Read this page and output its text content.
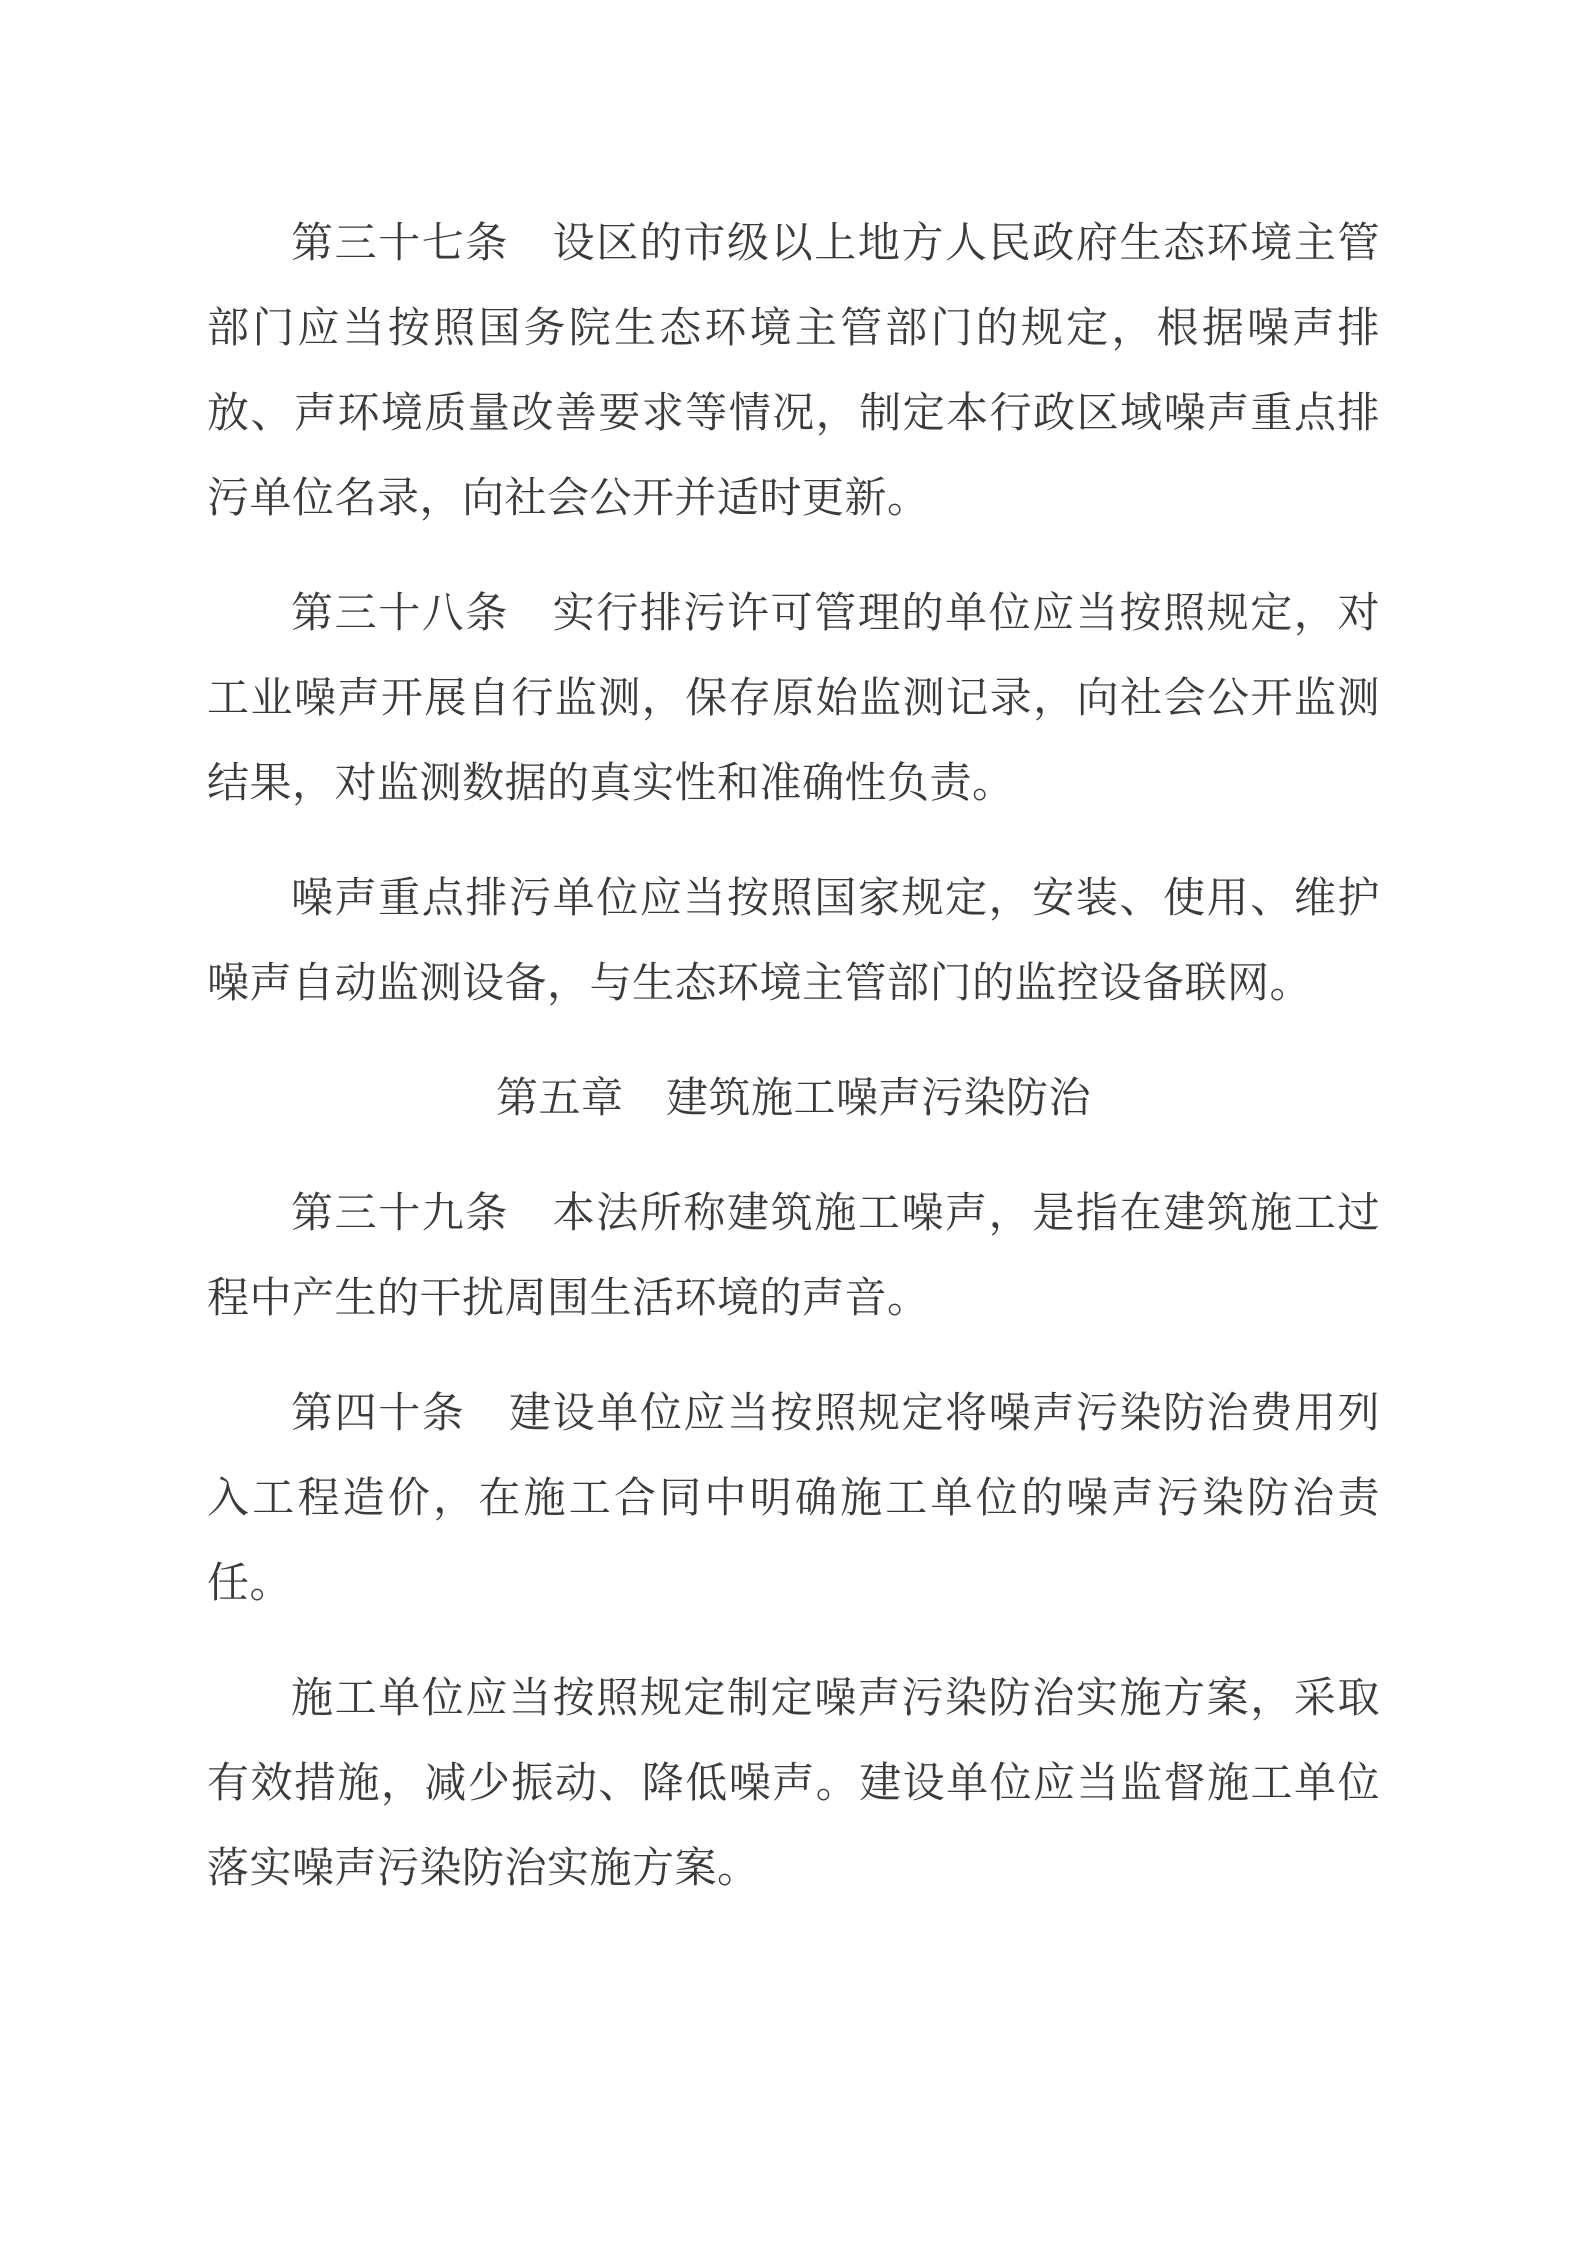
第三十七条　设区的市级以上地方人民政府生态环境主管部门应当按照国务院生态环境主管部门的规定，根据噪声排放、声环境质量改善要求等情况，制定本行政区域噪声重点排污单位名录，向社会公开并适时更新。

第三十八条　实行排污许可管理的单位应当按照规定，对工业噪声开展自行监测，保存原始监测记录，向社会公开监测结果，对监测数据的真实性和准确性负责。

噪声重点排污单位应当按照国家规定，安装、使用、维护噪声自动监测设备，与生态环境主管部门的监控设备联网。

第五章　建筑施工噪声污染防治

第三十九条　本法所称建筑施工噪声，是指在建筑施工过程中产生的干扰周围生活环境的声音。

第四十条　建设单位应当按照规定将噪声污染防治费用列入工程造价，在施工合同中明确施工单位的噪声污染防治责任。

施工单位应当按照规定制定噪声污染防治实施方案，采取有效措施，减少振动、降低噪声。建设单位应当监督施工单位落实噪声污染防治实施方案。
